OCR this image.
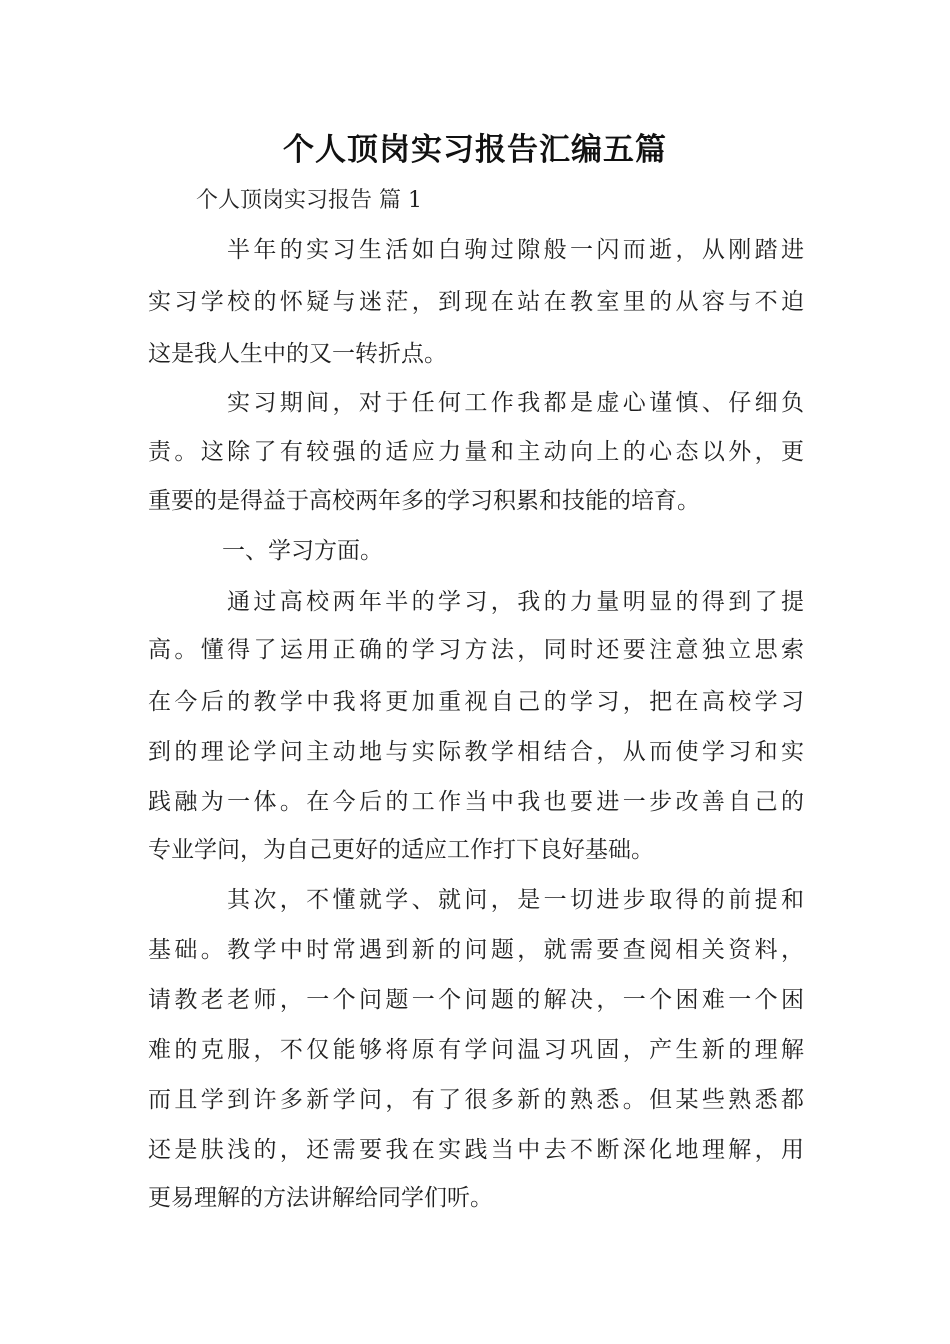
个人顶岗实习报告汇编五篇
个人顶岗实习报告 篇 1
半年的实习生活如白驹过隙般一闪而逝，从刚踏进
实习学校的怀疑与迷茫，到现在站在教室里的从容与不迫
这是我人生中的又一转折点。
实习期间，对于任何工作我都是虚心谨慎、仔细负
责。这除了有较强的适应力量和主动向上的心态以外，更
重要的是得益于高校两年多的学习积累和技能的培育。
一、学习方面。
通过高校两年半的学习，我的力量明显的得到了提
高。懂得了运用正确的学习方法，同时还要注意独立思索
在今后的教学中我将更加重视自己的学习，把在高校学习
到的理论学问主动地与实际教学相结合，从而使学习和实
践融为一体。在今后的工作当中我也要进一步改善自己的
专业学问，为自己更好的适应工作打下良好基础。
其次，不懂就学、就问，是一切进步取得的前提和
基础。教学中时常遇到新的问题，就需要查阅相关资料，
请教老老师，一个问题一个问题的解决，一个困难一个困
难的克服，不仅能够将原有学问温习巩固，产生新的理解
而且学到许多新学问，有了很多新的熟悉。但某些熟悉都
还是肤浅的，还需要我在实践当中去不断深化地理解，用
更易理解的方法讲解给同学们听。
